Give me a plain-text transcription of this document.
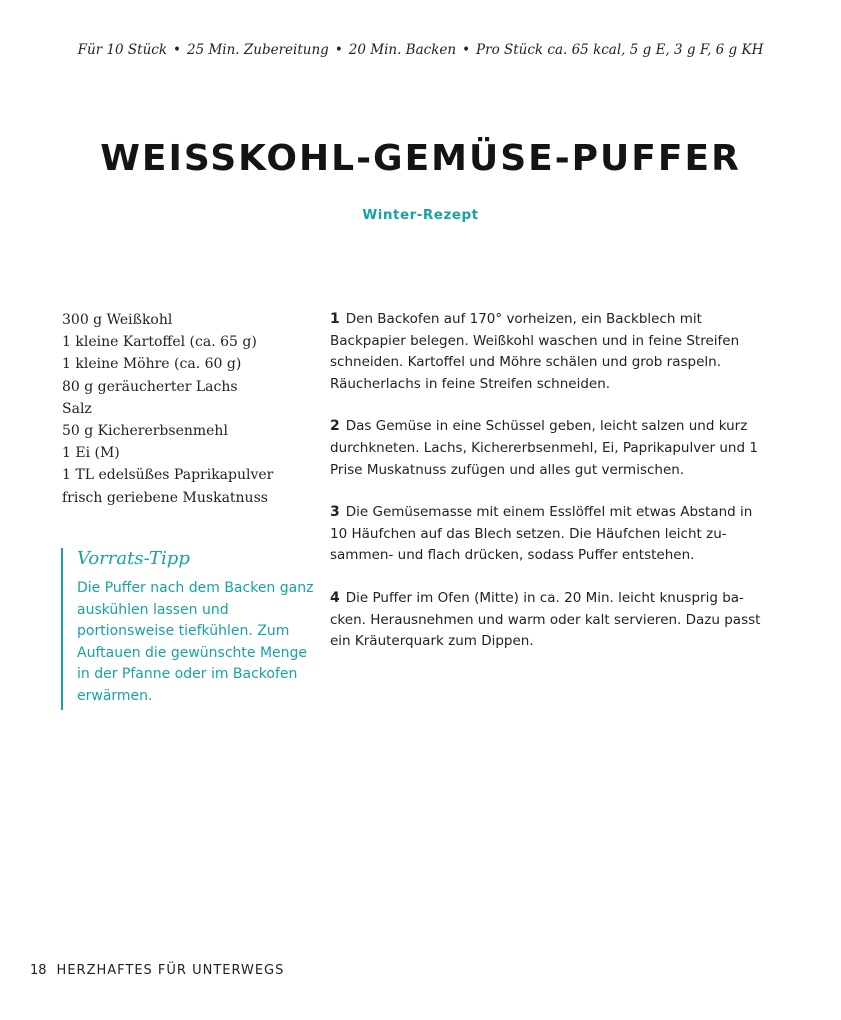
Für 10 Stück • 25 Min. Zubereitung • 20 Min. Backen • Pro Stück ca. 65 kcal, 5 g E, 3 g F, 6 g KH
WEISSKOHL-GEMÜSE-PUFFER
Winter-Rezept
300 g Weißkohl
1 kleine Kartoffel (ca. 65 g)
1 kleine Möhre (ca. 60 g)
80 g geräucherter Lachs
Salz
50 g Kichererbsenmehl
1 Ei (M)
1 TL edelsüßes Paprikapulver
frisch geriebene Muskatnuss
Vorrats-Tipp

Die Puffer nach dem Backen ganz auskühlen lassen und portionsweise tiefkühlen. Zum Auftauen die gewünschte Menge in der Pfanne oder im Backofen erwärmen.

1 Den Backofen auf 170° vorheizen, ein Backblech mit Backpapier belegen. Weißkohl waschen und in feine Streifen schneiden. Kartoffel und Möhre schälen und grob raspeln. Räucherlachs in feine Streifen schneiden.

2 Das Gemüse in eine Schüssel geben, leicht salzen und kurz durchkneten. Lachs, Kichererbsenmehl, Ei, Paprikapulver und 1 Prise Muskatnuss zufügen und alles gut vermischen.

3 Die Gemüsemasse mit einem Esslöffel mit etwas Abstand in 10 Häufchen auf das Blech setzen. Die Häufchen leicht zusammen- und flach drücken, sodass Puffer entstehen.

4 Die Puffer im Ofen (Mitte) in ca. 20 Min. leicht knusprig backen. Herausnehmen und warm oder kalt servieren. Dazu passt ein Kräuterquark zum Dippen.

18 HERZHAFTES FÜR UNTERWEGS
